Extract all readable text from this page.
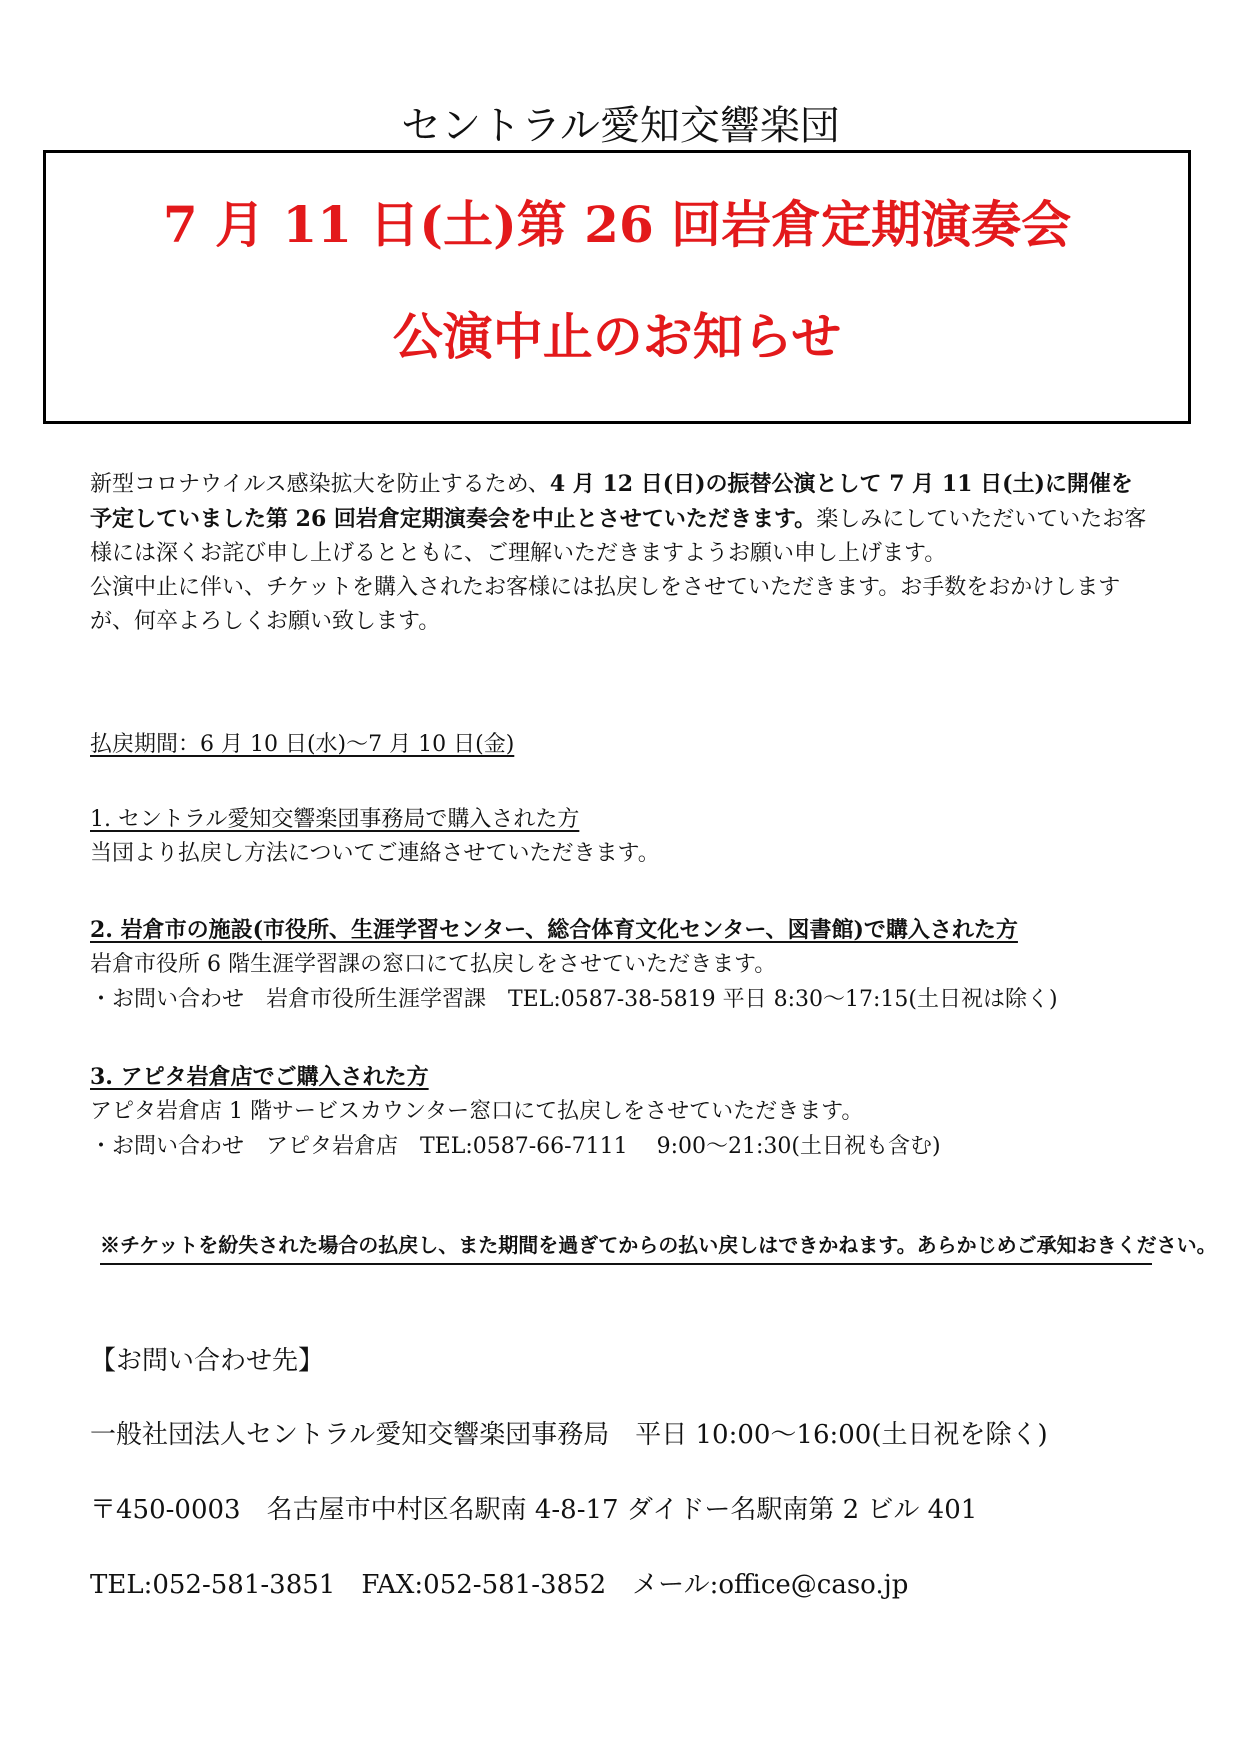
セントラル愛知交響楽団
7 月 11 日(土)第 26 回岩倉定期演奏会
公演中止のお知らせ

新型コロナウイルス感染拡大を防止するため、4 月 12 日(日)の振替公演として 7 月 11 日(土)に開催を予定していました第 26 回岩倉定期演奏会を中止とさせていただきます。楽しみにしていただいていたお客様には深くお詫び申し上げるとともに、ご理解いただきますようお願い申し上げます。

公演中止に伴い、チケットを購入されたお客様には払戻しをさせていただきます。お手数をおかけしますが、何卒よろしくお願い致します。

払戻期間：6 月 10 日(水)～7 月 10 日(金)
1. セントラル愛知交響楽団事務局で購入された方
当団より払戻し方法についてご連絡させていただきます。
2. 岩倉市の施設(市役所、生涯学習センター、総合体育文化センター、図書館)で購入された方
岩倉市役所 6 階生涯学習課の窓口にて払戻しをさせていただきます。
・お問い合わせ　岩倉市役所生涯学習課　TEL:0587-38-5819 平日 8:30～17:15(土日祝は除く)
3. アピタ岩倉店でご購入された方
アピタ岩倉店 1 階サービスカウンター窓口にて払戻しをさせていただきます。
・お問い合わせ　アピタ岩倉店　TEL:0587-66-7111　 9:00～21:30(土日祝も含む)
※チケットを紛失された場合の払戻し、また期間を過ぎてからの払い戻しはできかねます。あらかじめご承知おきください。
【お問い合わせ先】
一般社団法人セントラル愛知交響楽団事務局　平日 10:00～16:00(土日祝を除く)
〒450-0003　名古屋市中村区名駅南 4-8-17 ダイドー名駅南第 2 ビル 401
TEL:052-581-3851　FAX:052-581-3852　メール:office@caso.jp
